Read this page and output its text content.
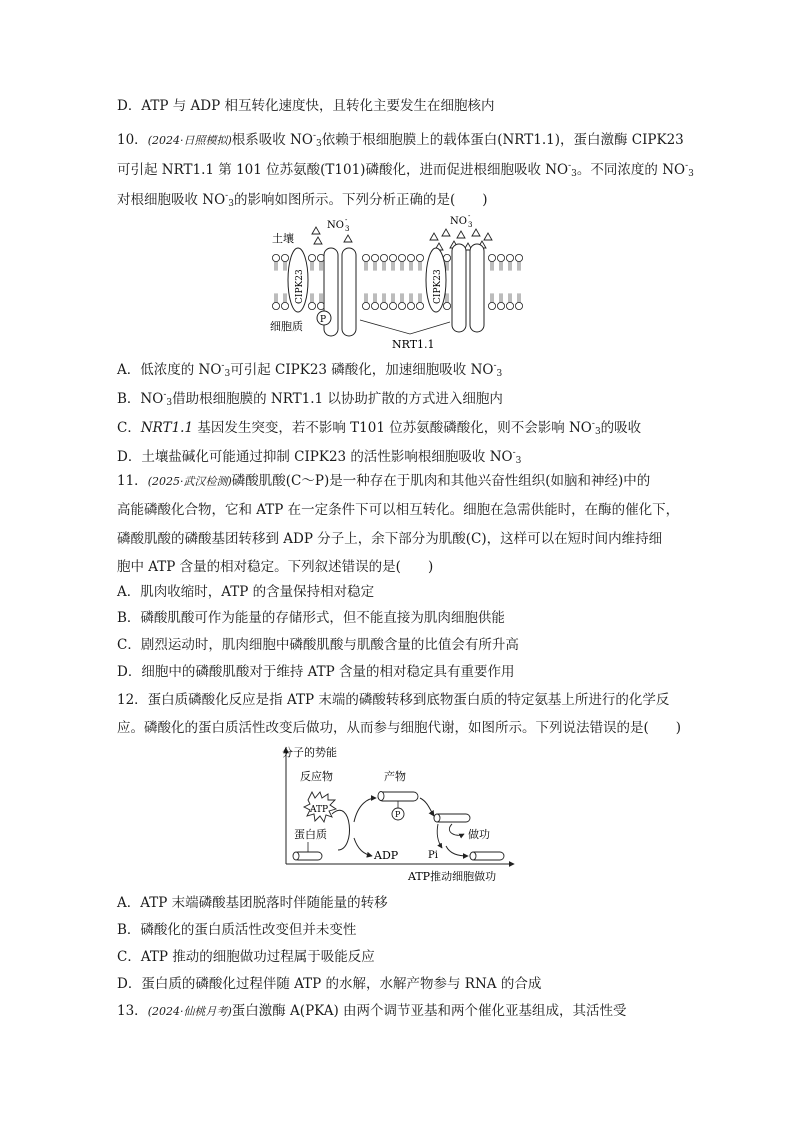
D．ATP 与 ADP 相互转化速度快，且转化主要发生在细胞核内
10．(2024·日照模拟)根系吸收 $NO^-_3$依赖于根细胞膜上的载体蛋白(NRT1.1)，蛋白激酶 CIPK23
可引起 NRT1.1 第 101 位苏氨酸(T101)磷酸化，进而促进根细胞吸收 $NO^-_3$。不同浓度的 $NO^-_3$
对根细胞吸收 $NO^-_3$的影响如图所示。下列分析正确的是(　　)
土壤
细胞质
NO 3
-	NO 3
-
CIPK23	CIPK23
P
NRT1.1
A．低浓度的 $NO^-_3$可引起 CIPK23 磷酸化，加速细胞吸收 $NO^-_3$
B．$NO^-_3$借助根细胞膜的 NRT1.1 以协助扩散的方式进入细胞内
C．NRT1.1 基因发生突变，若不影响 T101 位苏氨酸磷酸化，则不会影响 $NO^-_3$的吸收
D．土壤盐碱化可能通过抑制 CIPK23 的活性影响根细胞吸收 $NO^-_3$
11．(2025·武汉检测)磷酸肌酸(C～P)是一种存在于肌肉和其他兴奋性组织(如脑和神经)中的
高能磷酸化合物，它和 ATP 在一定条件下可以相互转化。细胞在急需供能时，在酶的催化下，
磷酸肌酸的磷酸基团转移到 ADP 分子上，余下部分为肌酸(C)，这样可以在短时间内维持细
胞中 ATP 含量的相对稳定。下列叙述错误的是(　　)
A．肌肉收缩时，ATP 的含量保持相对稳定
B．磷酸肌酸可作为能量的存储形式，但不能直接为肌肉细胞供能
C．剧烈运动时，肌肉细胞中磷酸肌酸与肌酸含量的比值会有所升高
D．细胞中的磷酸肌酸对于维持 ATP 含量的相对稳定具有重要作用
12．蛋白质磷酸化反应是指 ATP 末端的磷酸转移到底物蛋白质的特定氨基上所进行的化学反
应。磷酸化的蛋白质活性改变后做功，从而参与细胞代谢，如图所示。下列说法错误的是(　　)
分子的势能
ATP推动细胞做功
反应物	产物
ATP
蛋白质
ADP
P
做功
Pi
A．ATP 末端磷酸基团脱落时伴随能量的转移
B．磷酸化的蛋白质活性改变但并未变性
C．ATP 推动的细胞做功过程属于吸能反应
D．蛋白质的磷酸化过程伴随 ATP 的水解，水解产物参与 RNA 的合成
13．(2024·仙桃月考)蛋白激酶 A(PKA) 由两个调节亚基和两个催化亚基组成，其活性受
